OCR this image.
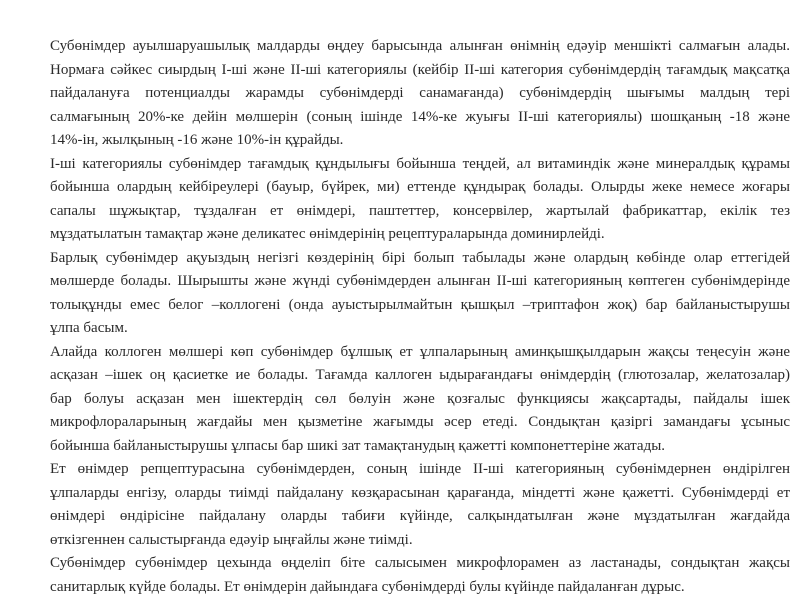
Субөнімдер ауылшаруашылық малдарды өңдеу барысында алынған өнімнің едәуір меншікті салмағын алады.
Нормаға сәйкес сиырдың І-ші және ІІ-ші категориялы (кейбір ІІ-ші категория субөнімдердің тағамдық мақсатқа
пайдалануға потенциалды жарамды субөнімдерді санамағанда) субөнімдердің шығымы малдың тері
салмағының 20%-ке дейін мөлшерін (соның ішінде 14%-ке жуығы ІІ-ші категориялы) шошқаның -18 және
14%-ін, жылқының -16 және 10%-ін құрайды.
І-ші категориялы субөнімдер тағамдық құндылығы бойынша теңдей, ал витаминдік және минералдық құрамы
бойынша олардың кейбіреулері (бауыр, бүйрек, ми) еттенде құндырақ болады. Олырды жеке немесе жоғары
сапалы шұжықтар, тұздалған ет өнімдері, паштеттер, консервілер, жартылай фабрикаттар, екілік тез
мұздатылатын тамақтар және деликатес өнімдерінің рецептураларында доминирлейді.
Барлық субөнімдер ақуыздың негізгі көздерінің бірі болып табылады және олардың көбінде олар еттегідей
мөлшерде болады. Шырышты және жүнді субөнімдерден алынған ІІ-ші категорияның көптеген субөнімдерінде
толықұнды емес белог –коллогені (онда ауыстырылмайтын қышқыл –триптафон жоқ) бар байланыстырушы
ұлпа басым.
Алайда коллоген мөлшері көп субөнімдер бұлшық ет ұлпаларының аминқышқылдарын жақсы теңесуін және
асқазан –ішек оң қасиетке ие болады. Тағамда каллоген ыдырағандағы өнімдердің (глютозалар, желатозалар)
бар болуы асқазан мен ішектердің сөл бөлуін және қозғалыс функциясы жақсартады, пайдалы ішек
микрофлораларының жағдайы мен қызметіне жағымды әсер етеді. Сондықтан қазіргі замандағы ұсыныс
бойынша байланыстырушы ұлпасы бар шикі зат тамақтанудың қажетті компонеттеріне жатады.
Ет өнімдер репцептурасына субөнімдерден, соның ішінде ІІ-ші категорияның субөнімдернен өндірілген
ұлпаларды енгізу, оларды тиімді пайдалану көзқарасынан қарағанда, міндетті және қажетті. Субөнімдерді ет
өнімдері өндірісіне пайдалану оларды табиғи күйінде, салқындатылған және мұздатылған жағдайда
өткізгеннен салыстырғанда едәуір ыңғайлы және тиімді.
Субөнімдер субөнімдер цехында өңделіп біте салысымен микрофлорамен аз ластанады, сондықтан жақсы
санитарлық күйде болады. Ет өнімдерін дайындаға субөнімдерді булы күйінде пайдаланған дұрыс.
